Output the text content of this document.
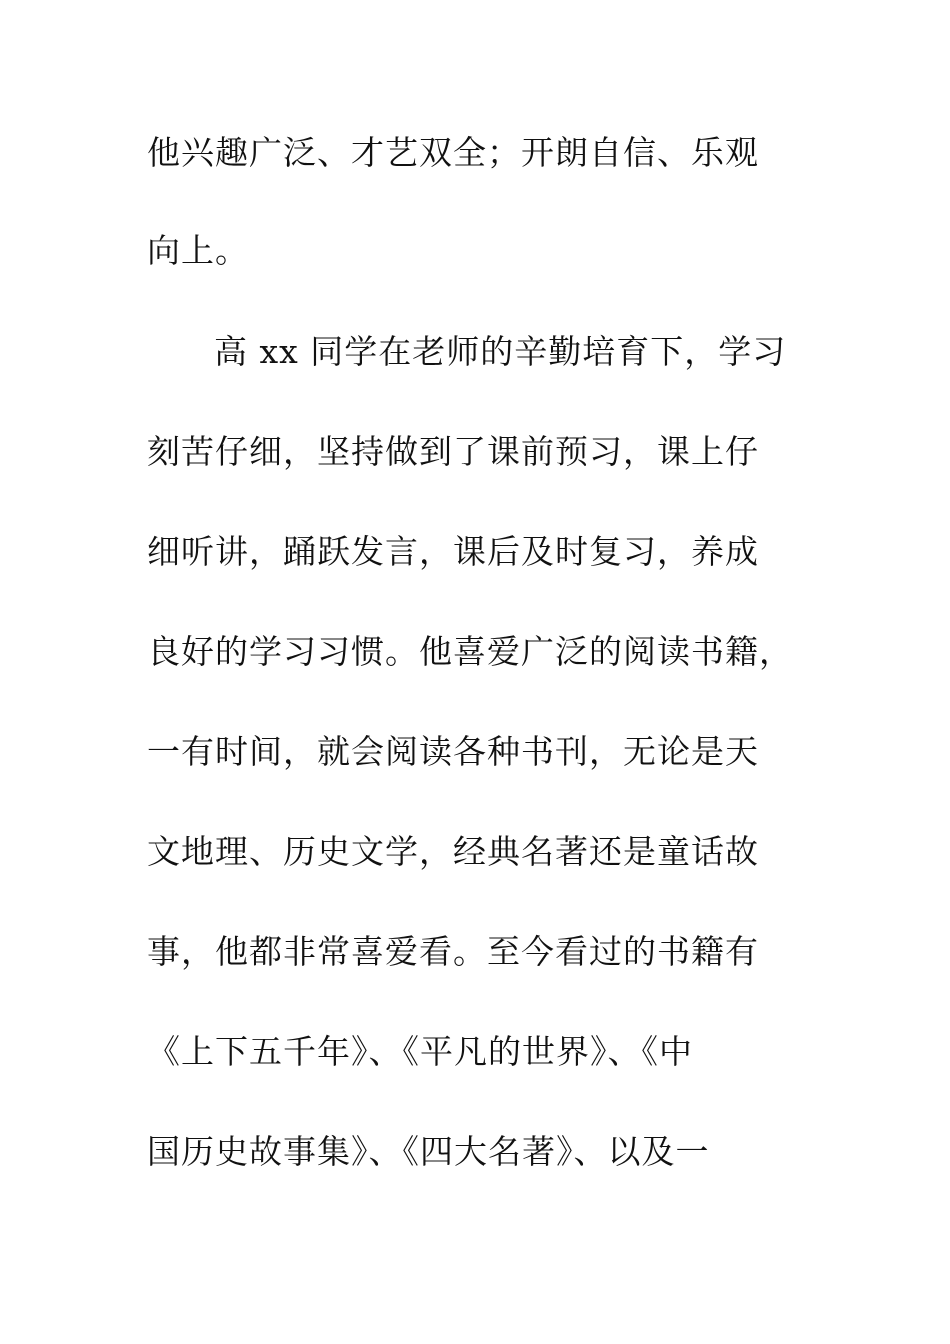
他兴趣广泛、才艺双全；开朗自信、乐观
向上。
高 xx 同学在老师的辛勤培育下，学习
刻苦仔细，坚持做到了课前预习，课上仔
细听讲，踊跃发言，课后及时复习，养成
良好的学习习惯。他喜爱广泛的阅读书籍，
一有时间，就会阅读各种书刊，无论是天
文地理、历史文学，经典名著还是童话故
事，他都非常喜爱看。至今看过的书籍有
《上下五千年》、《平凡的世界》、《中
国历史故事集》、《四大名著》、以及一
